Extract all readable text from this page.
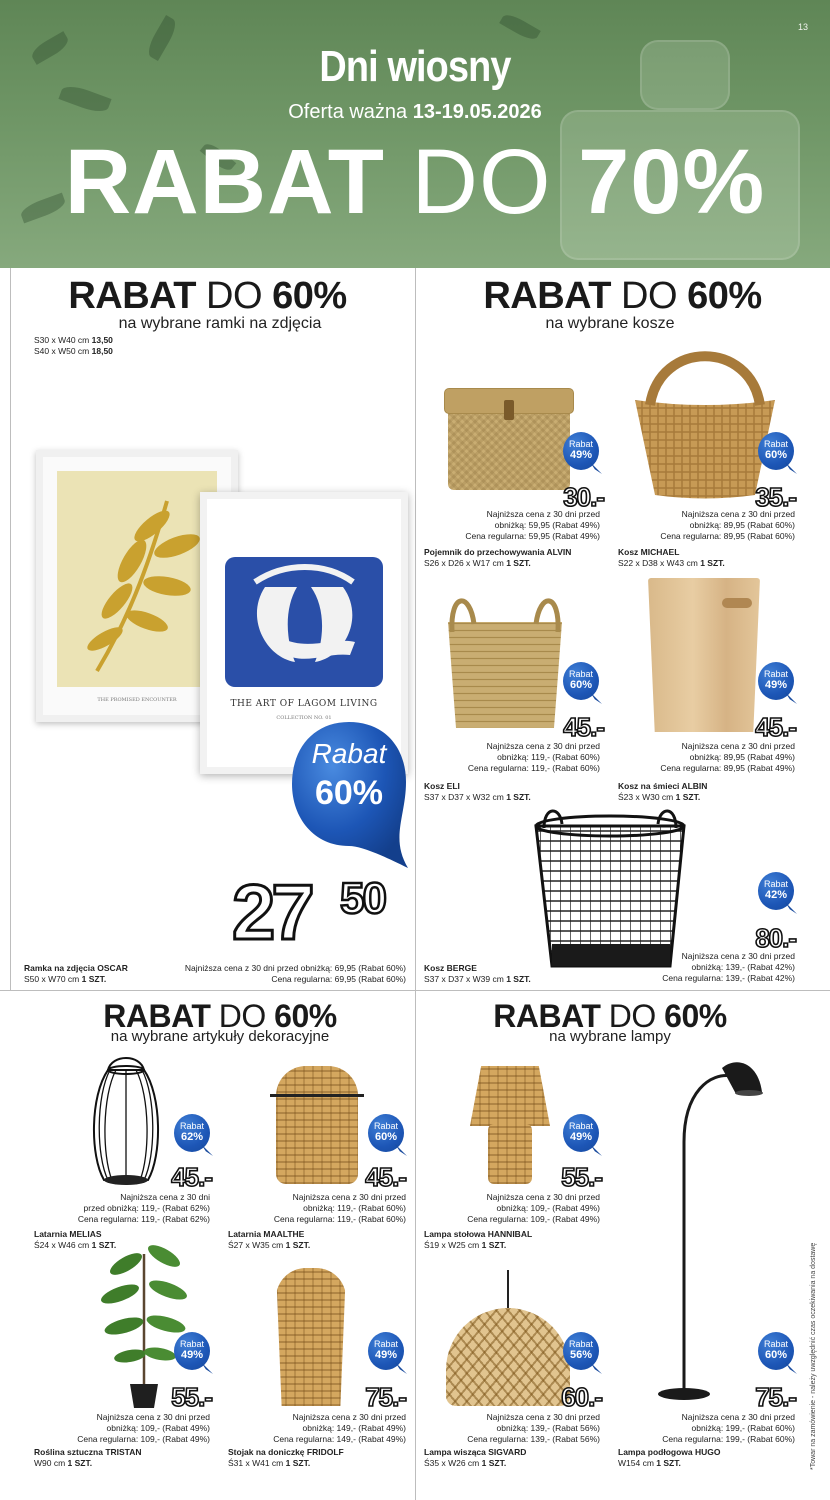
13
Dni wiosny
Oferta ważna 13-19.05.2026
RABAT DO 70%
RABAT DO 60%
na wybrane ramki na zdjęcia
S30 x W40 cm 13,50
S40 x W50 cm 18,50
THE PROMISED ENCOUNTER	THE ART OF LAGOM LIVING
COLLECTION NO. 01
Rabat
60%
27 50
Ramka na zdjęcia OSCAR
S50 x W70 cm 1 SZT.
Najniższa cena z 30 dni przed obniżką: 69,95 (Rabat 60%)
Cena regularna: 69,95 (Rabat 60%)
RABAT DO 60%
na wybrane kosze
Rabat
49%
30.-
Najniższa cena z 30 dni przed
obniżką: 59,95 (Rabat 49%)
Cena regularna: 59,95 (Rabat 49%)
Pojemnik do przechowywania ALVIN
S26 x D26 x W17 cm 1 SZT.
Rabat
60%
35.-
Najniższa cena z 30 dni przed
obniżką: 89,95 (Rabat 60%)
Cena regularna: 89,95 (Rabat 60%)
Kosz MICHAEL
S22 x D38 x W43 cm 1 SZT.
Rabat
60%
45.-
Najniższa cena z 30 dni przed
obniżką: 119,- (Rabat 60%)
Cena regularna: 119,- (Rabat 60%)
Kosz ELI
S37 x D37 x W32 cm 1 SZT.
Rabat
49%
45.-
Najniższa cena z 30 dni przed
obniżką: 89,95 (Rabat 49%)
Cena regularna: 89,95 (Rabat 49%)
Kosz na śmieci ALBIN
Ś23 x W30 cm 1 SZT.
Rabat
42%
80.-
Najniższa cena z 30 dni przed
obniżką: 139,- (Rabat 42%)
Cena regularna: 139,- (Rabat 42%)
Kosz BERGE
S37 x D37 x W39 cm 1 SZT.
RABAT DO 60%
na wybrane artykuły dekoracyjne
Rabat
62%
45.-
Najniższa cena z 30 dni
przed obniżką: 119,- (Rabat 62%)
Cena regularna: 119,- (Rabat 62%)
Latarnia MELIAS
Ś24 x W46 cm 1 SZT.
Rabat
60%
45.-
Najniższa cena z 30 dni przed
obniżką: 119,- (Rabat 60%)
Cena regularna: 119,- (Rabat 60%)
Latarnia MAALTHE
Ś27 x W35 cm 1 SZT.
Rabat
49%
55.-
Najniższa cena z 30 dni przed
obniżką: 109,- (Rabat 49%)
Cena regularna: 109,- (Rabat 49%)
Roślina sztuczna TRISTAN
W90 cm 1 SZT.
Rabat
49%
75.-
Najniższa cena z 30 dni przed
obniżką: 149,- (Rabat 49%)
Cena regularna: 149,- (Rabat 49%)
Stojak na doniczkę FRIDOLF
Ś31 x W41 cm 1 SZT.
RABAT DO 60%
na wybrane lampy
Rabat
49%
55.-
Najniższa cena z 30 dni przed
obniżką: 109,- (Rabat 49%)
Cena regularna: 109,- (Rabat 49%)
Lampa stołowa HANNIBAL
Ś19 x W25 cm 1 SZT.
Rabat
60%
75.-
Najniższa cena z 30 dni przed
obniżką: 199,- (Rabat 60%)
Cena regularna: 199,- (Rabat 60%)
Lampa podłogowa HUGO
W154 cm 1 SZT.
Rabat
56%
60.-
Najniższa cena z 30 dni przed
obniżką: 139,- (Rabat 56%)
Cena regularna: 139,- (Rabat 56%)
Lampa wisząca SIGVARD
Ś35 x W26 cm 1 SZT.	*Towar na zamówienie - należy uwzględnić czas oczekiwania na dostawę
